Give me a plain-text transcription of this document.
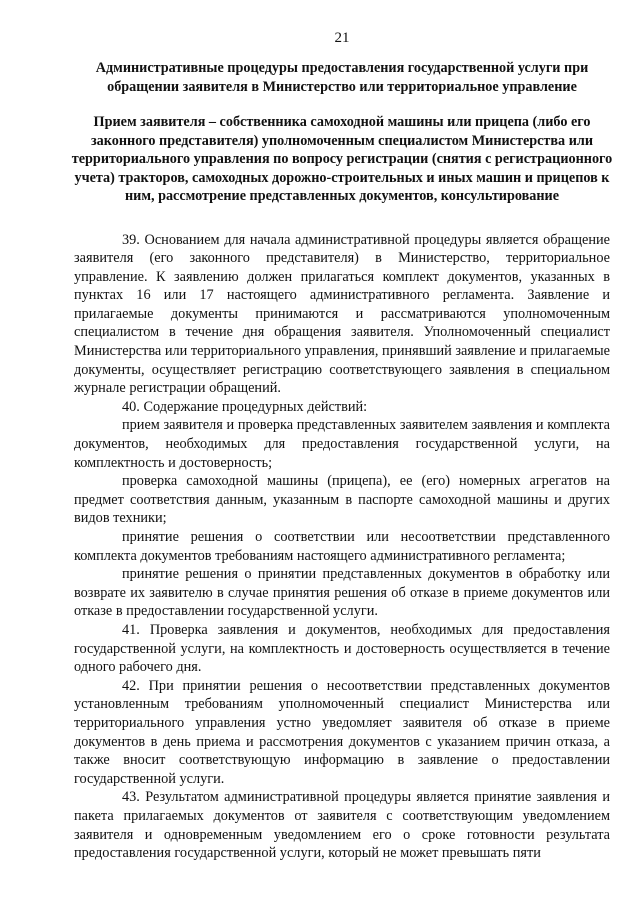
21
Административные процедуры предоставления государственной услуги при обращении заявителя в Министерство или территориальное управление
Прием заявителя – собственника самоходной машины или прицепа (либо его законного представителя) уполномоченным специалистом Министерства или территориального управления по вопросу регистрации (снятия с регистрационного учета) тракторов, самоходных дорожно-строительных и иных машин и прицепов к ним, рассмотрение представленных документов, консультирование

39. Основанием для начала административной процедуры является обращение заявителя (его законного представителя) в Министерство, территориальное управление. К заявлению должен прилагаться комплект документов, указанных в пунктах 16 или 17 настоящего административного регламента. Заявление и прилагаемые документы принимаются и рассматриваются уполномоченным специалистом в течение дня обращения заявителя. Уполномоченный специалист Министерства или территориального управления, принявший заявление и прилагаемые документы, осуществляет регистрацию соответствующего заявления в специальном журнале регистрации обращений.

40. Содержание процедурных действий:

прием заявителя и проверка представленных заявителем заявления и комплекта документов, необходимых для предоставления государственной услуги, на комплектность и достоверность;

проверка самоходной машины (прицепа), ее (его) номерных агрегатов на предмет соответствия данным, указанным в паспорте самоходной машины и других видов техники;

принятие решения о соответствии или несоответствии представленного комплекта документов требованиям настоящего административного регламента;

принятие решения о принятии представленных документов в обработку или возврате их заявителю в случае принятия решения об отказе в приеме документов или отказе в предоставлении государственной услуги.

41. Проверка заявления и документов, необходимых для предоставления государственной услуги, на комплектность и достоверность осуществляется в течение одного рабочего дня.

42. При принятии решения о несоответствии представленных документов установленным требованиям уполномоченный специалист Министерства или территориального управления устно уведомляет заявителя об отказе в приеме документов в день приема и рассмотрения документов с указанием причин отказа, а также вносит соответствующую информацию в заявление о предоставлении государственной услуги.

43. Результатом административной процедуры является принятие заявления и пакета прилагаемых документов от заявителя с соответствующим уведомлением заявителя и одновременным уведомлением его о сроке готовности результата предоставления государственной услуги, который не может превышать пяти
